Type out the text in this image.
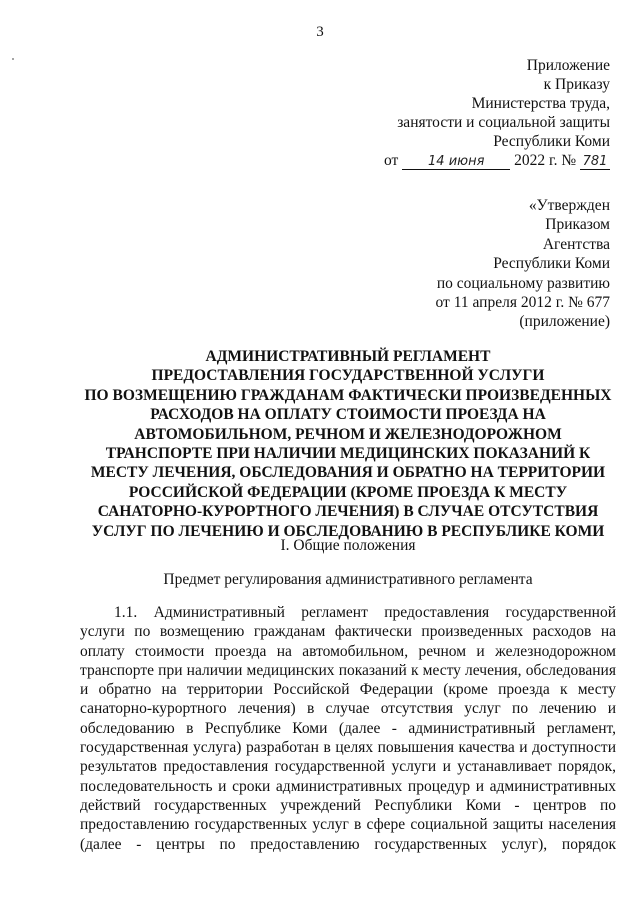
3
Приложение
к Приказу
Министерства труда,
занятости и социальной защиты
Республики Коми
от 14 июня 2022 г. № 781
«Утвержден
Приказом
Агентства
Республики Коми
по социальному развитию
от 11 апреля 2012 г. № 677
(приложение)
АДМИНИСТРАТИВНЫЙ РЕГЛАМЕНТ
ПРЕДОСТАВЛЕНИЯ ГОСУДАРСТВЕННОЙ УСЛУГИ
ПО ВОЗМЕЩЕНИЮ ГРАЖДАНАМ ФАКТИЧЕСКИ ПРОИЗВЕДЕННЫХ
РАСХОДОВ НА ОПЛАТУ СТОИМОСТИ ПРОЕЗДА НА
АВТОМОБИЛЬНОМ, РЕЧНОМ И ЖЕЛЕЗНОДОРОЖНОМ
ТРАНСПОРТЕ ПРИ НАЛИЧИИ МЕДИЦИНСКИХ ПОКАЗАНИЙ К
МЕСТУ ЛЕЧЕНИЯ, ОБСЛЕДОВАНИЯ И ОБРАТНО НА ТЕРРИТОРИИ
РОССИЙСКОЙ ФЕДЕРАЦИИ (КРОМЕ ПРОЕЗДА К МЕСТУ
САНАТОРНО-КУРОРТНОГО ЛЕЧЕНИЯ) В СЛУЧАЕ ОТСУТСТВИЯ
УСЛУГ ПО ЛЕЧЕНИЮ И ОБСЛЕДОВАНИЮ В РЕСПУБЛИКЕ КОМИ
I. Общие положения
Предмет регулирования административного регламента
1.1. Административный регламент предоставления государственной
услуги по возмещению гражданам фактически произведенных расходов на
оплату стоимости проезда на автомобильном, речном и железнодорожном
транспорте при наличии медицинских показаний к месту лечения, обследования
и обратно на территории Российской Федерации (кроме проезда к месту
санаторно-курортного лечения) в случае отсутствия услуг по лечению и
обследованию в Республике Коми (далее - административный регламент,
государственная услуга) разработан в целях повышения качества и доступности
результатов предоставления государственной услуги и устанавливает порядок,
последовательность и сроки административных процедур и административных
действий государственных учреждений Республики Коми - центров по
предоставлению государственных услуг в сфере социальной защиты населения
(далее - центры по предоставлению государственных услуг), порядок
